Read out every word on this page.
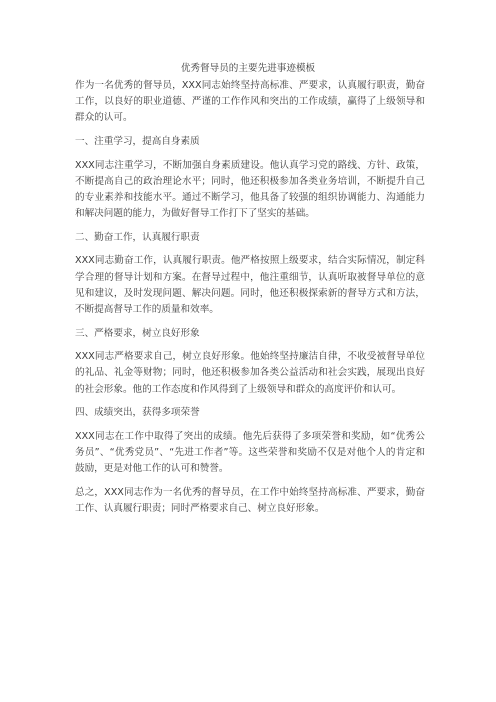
优秀督导员的主要先进事迹模板

作为一名优秀的督导员，XXX同志始终坚持高标准、严要求，认真履行职责，勤奋工作，以良好的职业道德、严谨的工作作风和突出的工作成绩，赢得了上级领导和群众的认可。

一、注重学习，提高自身素质

XXX同志注重学习，不断加强自身素质建设。他认真学习党的路线、方针、政策，不断提高自己的政治理论水平；同时，他还积极参加各类业务培训，不断提升自己的专业素养和技能水平。通过不断学习，他具备了较强的组织协调能力、沟通能力和解决问题的能力，为做好督导工作打下了坚实的基础。

二、勤奋工作，认真履行职责

XXX同志勤奋工作，认真履行职责。他严格按照上级要求，结合实际情况，制定科学合理的督导计划和方案。在督导过程中，他注重细节，认真听取被督导单位的意见和建议，及时发现问题、解决问题。同时，他还积极探索新的督导方式和方法，不断提高督导工作的质量和效率。

三、严格要求，树立良好形象

XXX同志严格要求自己，树立良好形象。他始终坚持廉洁自律，不收受被督导单位的礼品、礼金等财物；同时，他还积极参加各类公益活动和社会实践，展现出良好的社会形象。他的工作态度和作风得到了上级领导和群众的高度评价和认可。

四、成绩突出，获得多项荣誉

XXX同志在工作中取得了突出的成绩。他先后获得了多项荣誉和奖励，如“优秀公务员”、“优秀党员”、“先进工作者”等。这些荣誉和奖励不仅是对他个人的肯定和鼓励，更是对他工作的认可和赞誉。

总之，XXX同志作为一名优秀的督导员，在工作中始终坚持高标准、严要求，勤奋工作、认真履行职责；同时严格要求自己、树立良好形象。
